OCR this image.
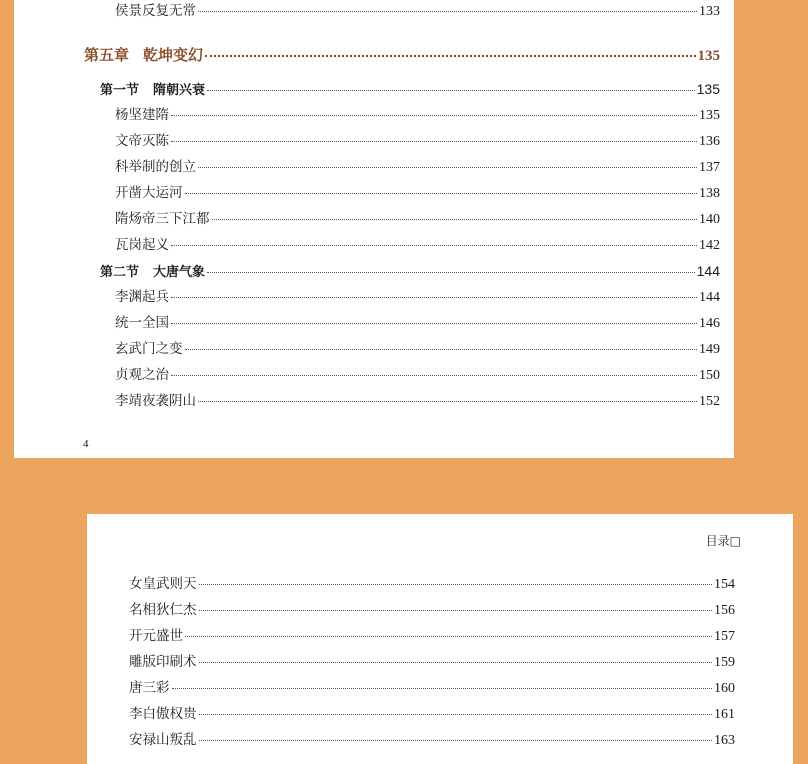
侯景反复无常	133
第五章 乾坤变幻	135
第一节 隋朝兴衰	135
杨坚建隋	135
文帝灭陈	136
科举制的创立	137
开凿大运河	138
隋炀帝三下江都	140
瓦岗起义	142
第二节 大唐气象	144
李渊起兵	144
统一全国	146
玄武门之变	149
贞观之治	150
李靖夜袭阴山	152
4
目录□
女皇武则天	154
名相狄仁杰	156
开元盛世	157
雕版印刷术	159
唐三彩	160
李白傲权贵	161
安禄山叛乱	163
